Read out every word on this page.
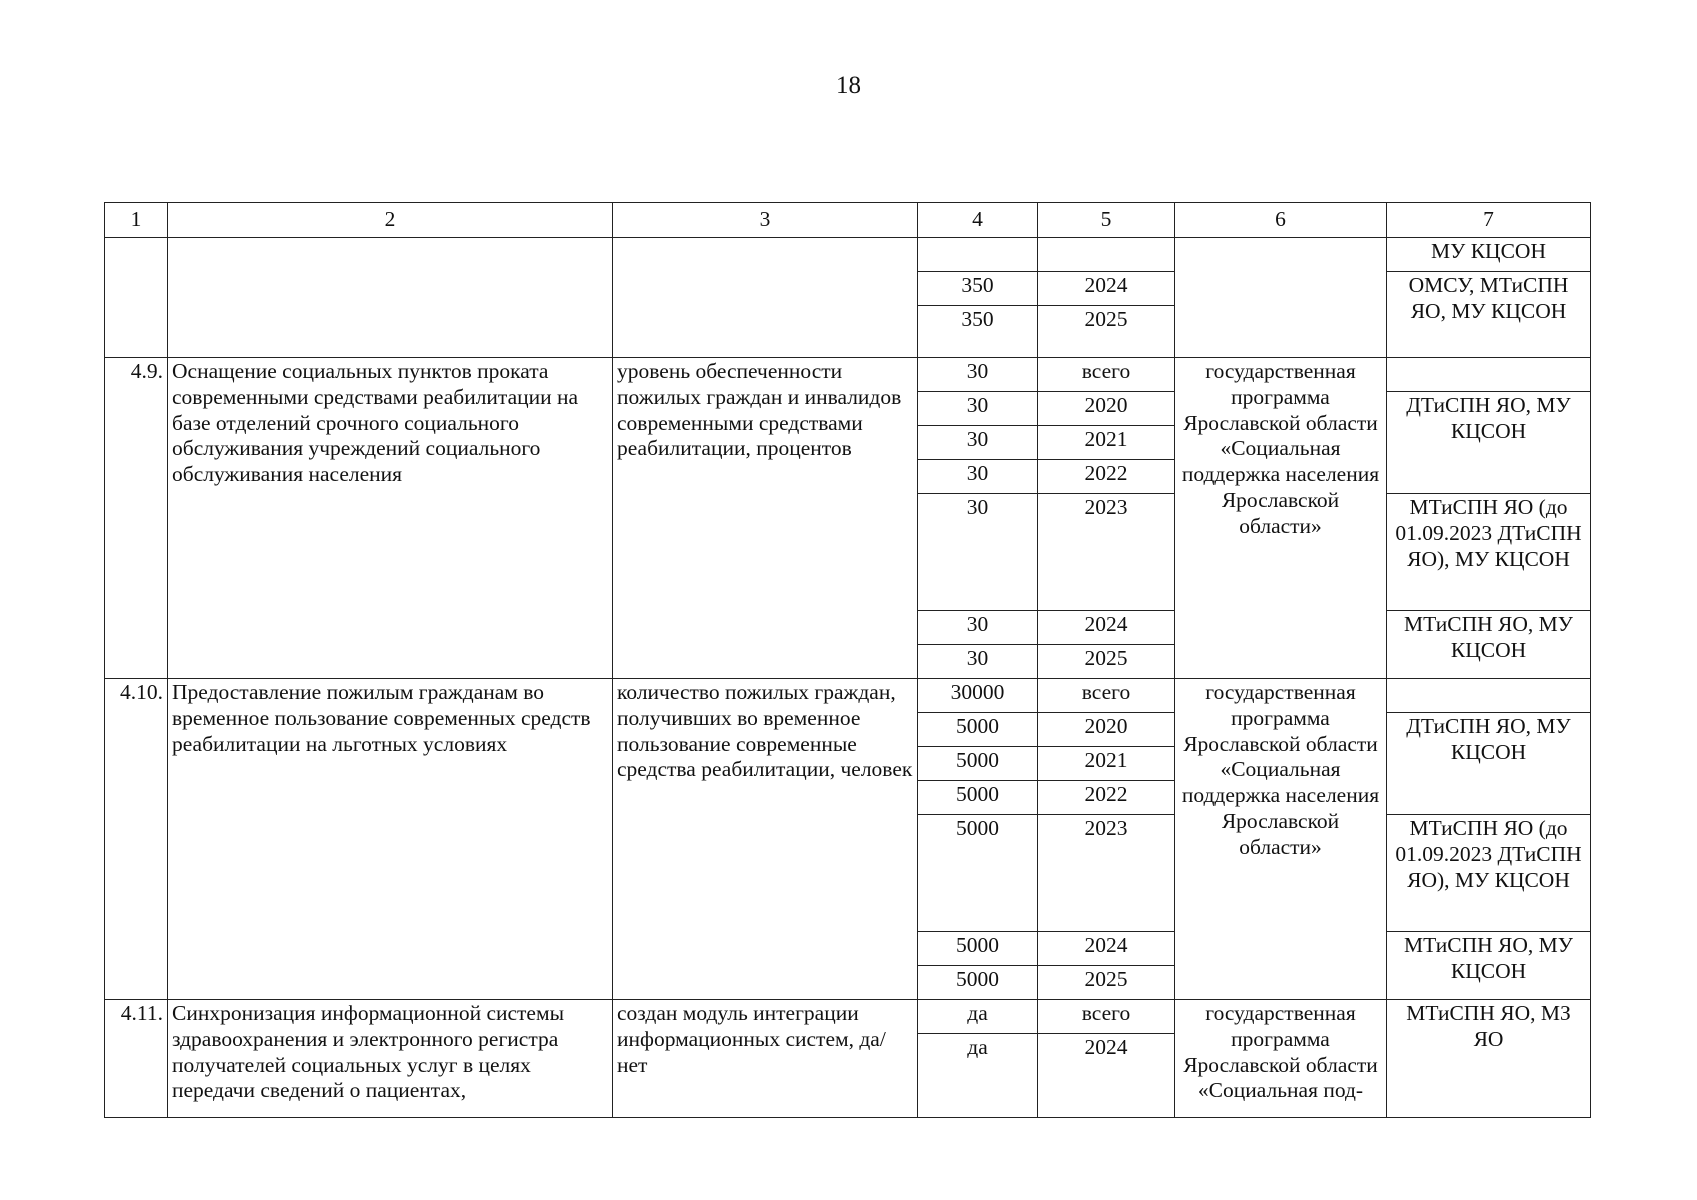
18
1	2	3	4	5	6	7
						МУ КЦСОН
			350	2024		ОМСУ, МТиСПН ЯО, МУ КЦСОН
			350	2025		
4.9.	Оснащение социальных пунктов проката современными средствами реабилитации на базе отделений срочного социального обслуживания учреждений социального обслуживания населения	уровень обеспеченности пожилых граждан и инвалидов современными средствами реабилитации, процентов	30	всего	государственная программа Ярославской области «Социальная поддержка населения Ярославской области»	
			30	2020		ДТиСПН ЯО, МУ КЦСОН
			30	2021		
			30	2022		
			30	2023		МТиСПН ЯО (до 01.09.2023 ДТиСПН ЯО), МУ КЦСОН
			30	2024		МТиСПН ЯО, МУ КЦСОН
			30	2025		
4.10.	Предоставление пожилым гражданам во временное пользование современных средств реабилитации на льготных условиях	количество пожилых граждан, получивших во временное пользование современные средства реабилитации, человек	30000	всего	государственная программа Ярославской области «Социальная поддержка населения Ярославской области»	
			5000	2020		ДТиСПН ЯО, МУ КЦСОН
			5000	2021		
			5000	2022		
			5000	2023		МТиСПН ЯО (до 01.09.2023 ДТиСПН ЯО), МУ КЦСОН
			5000	2024		МТиСПН ЯО, МУ КЦСОН
			5000	2025		
4.11.	Синхронизация информационной системы здравоохранения и электронного регистра получателей социальных услуг в целях передачи сведений о пациентах,	создан модуль интеграции информационных систем, да/нет	да	всего	государственная программа Ярославской области «Социальная под-	МТиСПН ЯО, МЗ ЯО
			да	2024		
